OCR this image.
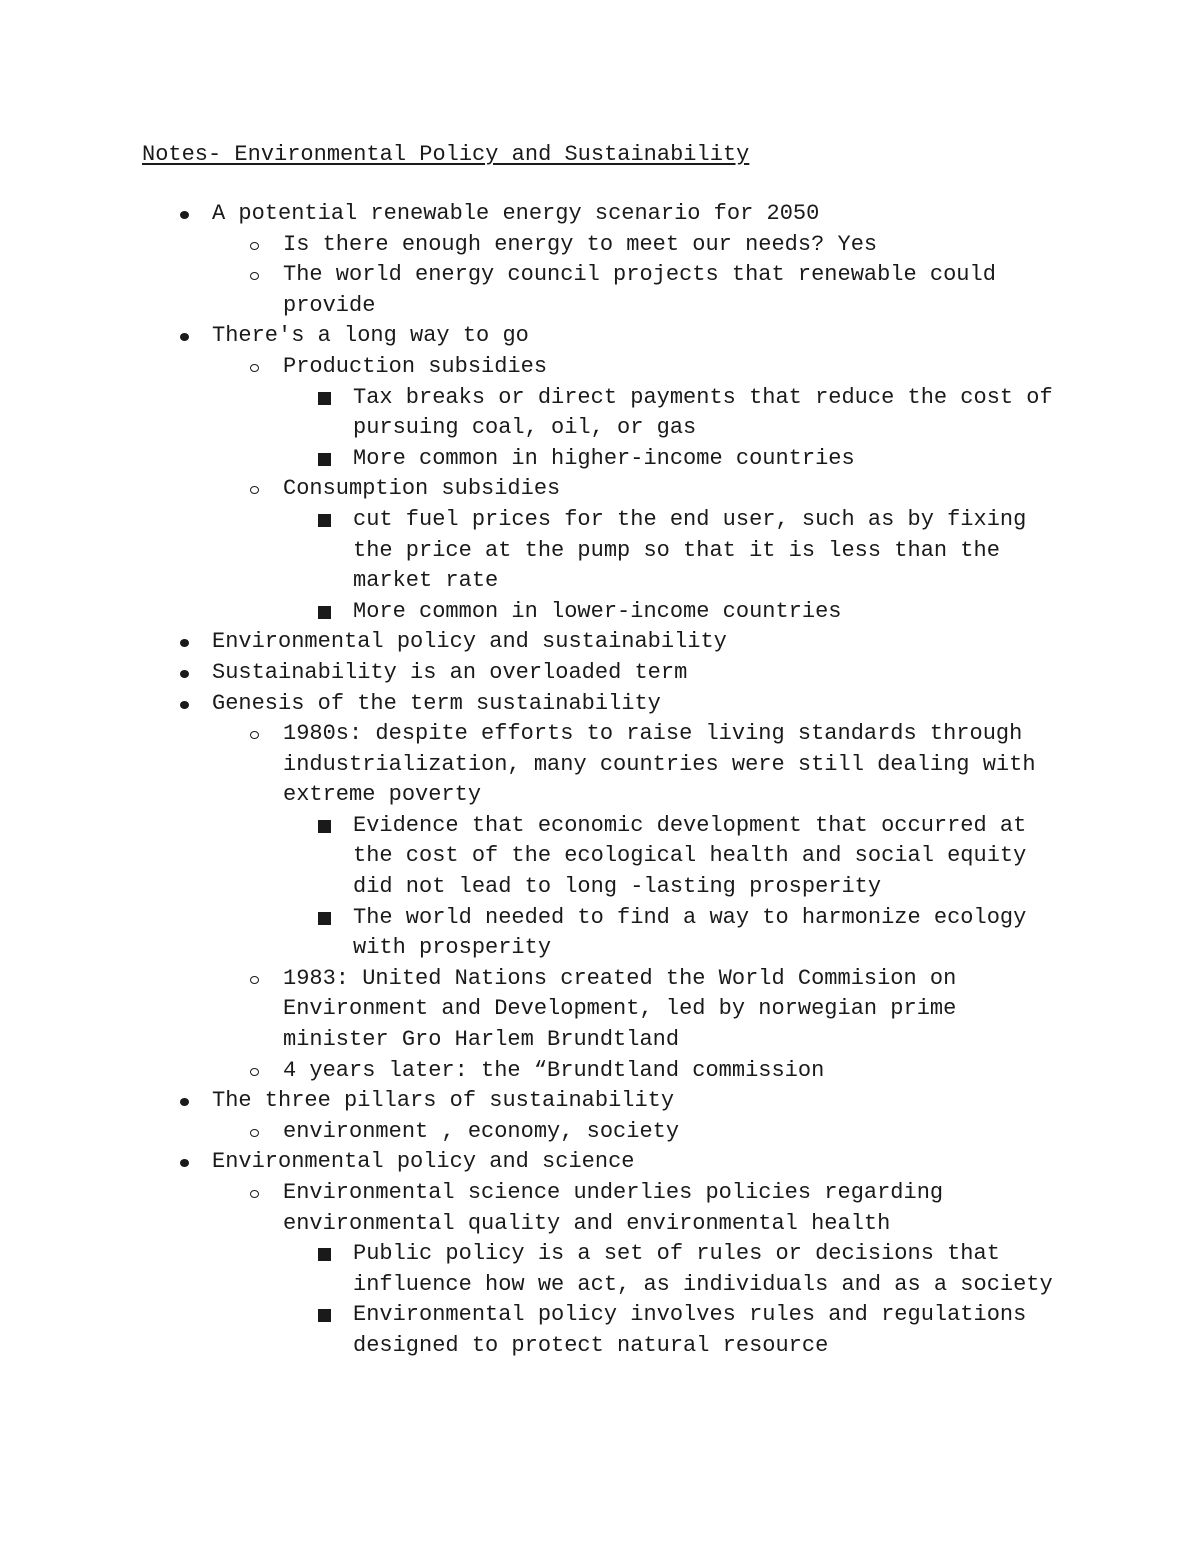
Notes- Environmental Policy and Sustainability
A potential renewable energy scenario for 2050
Is there enough energy to meet our needs? Yes
The world energy council projects that renewable could provide
There's a long way to go
Production subsidies
Tax breaks or direct payments that reduce the cost of pursuing coal, oil, or gas
More common in higher-income countries
Consumption subsidies
cut fuel prices for the end user, such as by fixing the price at the pump so that it is less than the market rate
More common in lower-income countries
Environmental policy and sustainability
Sustainability is an overloaded term
Genesis of the term sustainability
1980s: despite efforts to raise living standards through industrialization, many countries were still dealing with extreme poverty
Evidence that economic development that occurred at the cost of the ecological health and social equity did not lead to long -lasting prosperity
The world needed to find a way to harmonize ecology with prosperity
1983: United Nations created the World Commision on Environment and Development, led by norwegian prime minister Gro Harlem Brundtland
4 years later: the “Brundtland commission
The three pillars of sustainability
environment , economy, society
Environmental policy and science
Environmental science underlies policies regarding environmental quality and environmental health
Public policy is a set of rules or decisions that influence how we act, as individuals and as a society
Environmental policy involves rules and regulations designed to protect natural resource
